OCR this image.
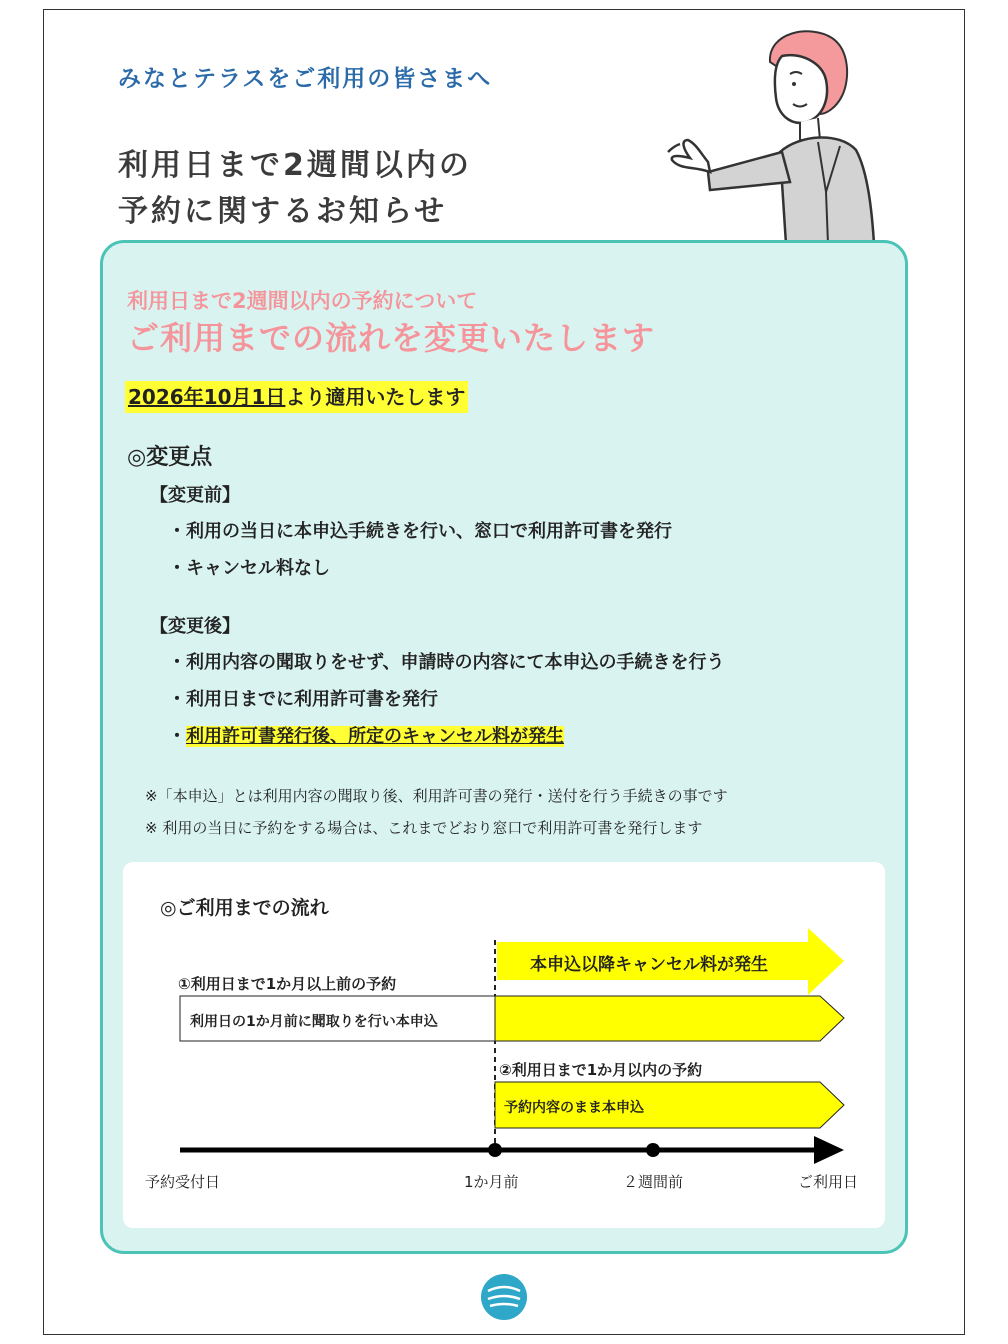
みなとテラスをご利用の皆さまへ
利用日まで2週間以内の
予約に関するお知らせ
利用日まで2週間以内の予約について
ご利用までの流れを変更いたします
2026年10月1日より適用いたします
◎変更点
【変更前】
・利用の当日に本申込手続きを行い、窓口で利用許可書を発行
・キャンセル料なし
【変更後】
・利用内容の聞取りをせず、申請時の内容にて本申込の手続きを行う
・利用日までに利用許可書を発行
・利用許可書発行後、所定のキャンセル料が発生
※「本申込」とは利用内容の聞取り後、利用許可書の発行・送付を行う手続きの事です
※ 利用の当日に予約をする場合は、これまでどおり窓口で利用許可書を発行します
◎ご利用までの流れ
本申込以降キャンセル料が発生
①利用日まで1か月以上前の予約
利用日の1か月前に聞取りを行い本申込
②利用日まで1か月以内の予約
予約内容のまま本申込
予約受付日	1か月前	２週間前	ご利用日
